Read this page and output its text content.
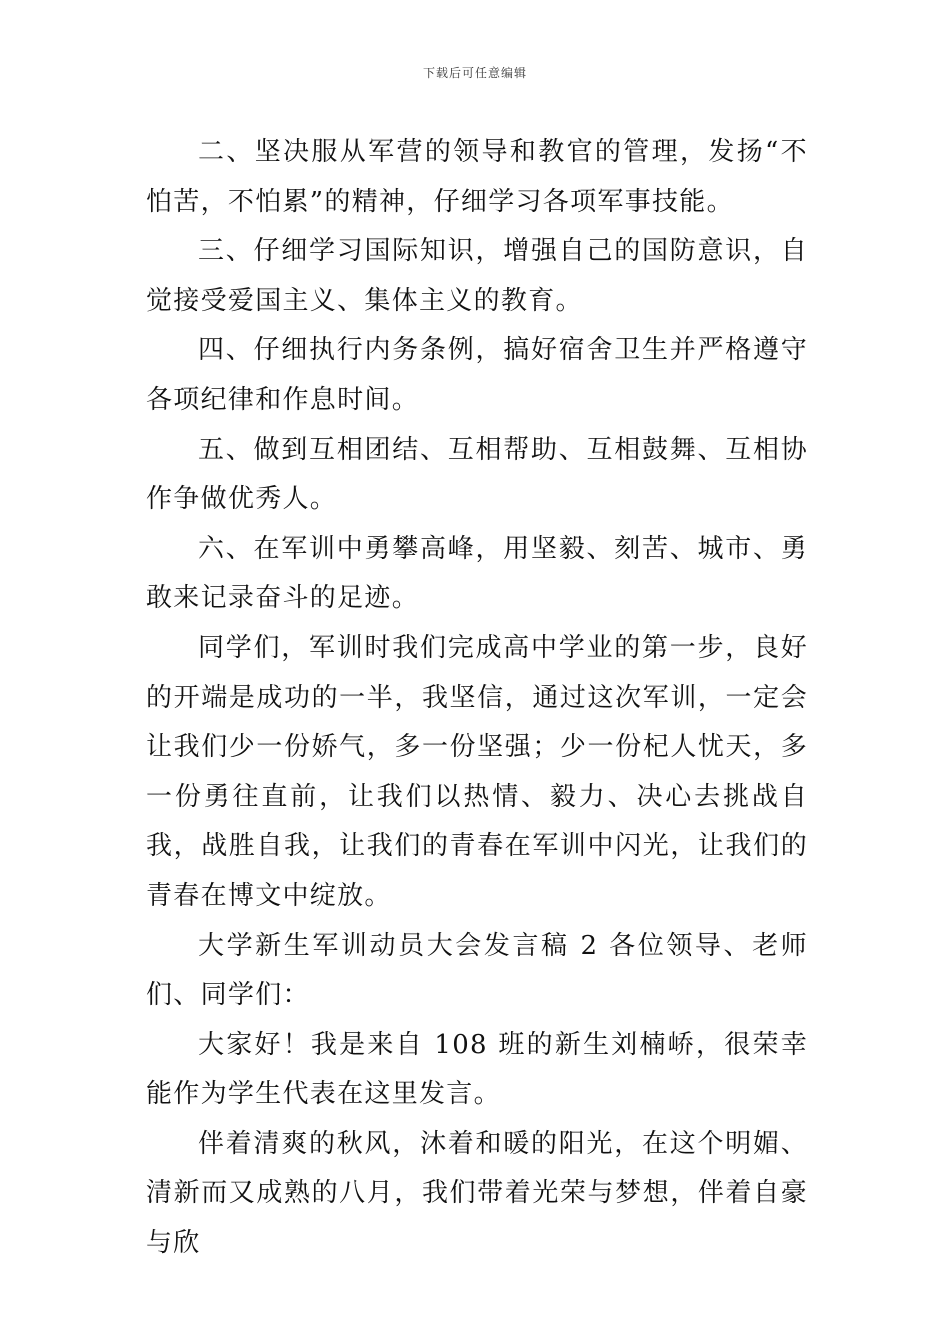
下载后可任意编辑

二、坚决服从军营的领导和教官的管理，发扬“不怕苦，不怕累”的精神，仔细学习各项军事技能。

三、仔细学习国际知识，增强自己的国防意识，自觉接受爱国主义、集体主义的教育。

四、仔细执行内务条例，搞好宿舍卫生并严格遵守各项纪律和作息时间。

五、做到互相团结、互相帮助、互相鼓舞、互相协作争做优秀人。

六、在军训中勇攀高峰，用坚毅、刻苦、城市、勇敢来记录奋斗的足迹。

同学们，军训时我们完成高中学业的第一步，良好的开端是成功的一半，我坚信，通过这次军训，一定会让我们少一份娇气，多一份坚强；少一份杞人忧天，多一份勇往直前，让我们以热情、毅力、决心去挑战自我，战胜自我，让我们的青春在军训中闪光，让我们的青春在博文中绽放。

大学新生军训动员大会发言稿 2 各位领导、老师们、同学们：

大家好！我是来自 108 班的新生刘楠峤，很荣幸能作为学生代表在这里发言。

伴着清爽的秋风，沐着和暖的阳光，在这个明媚、清新而又成熟的八月，我们带着光荣与梦想，伴着自豪与欣
